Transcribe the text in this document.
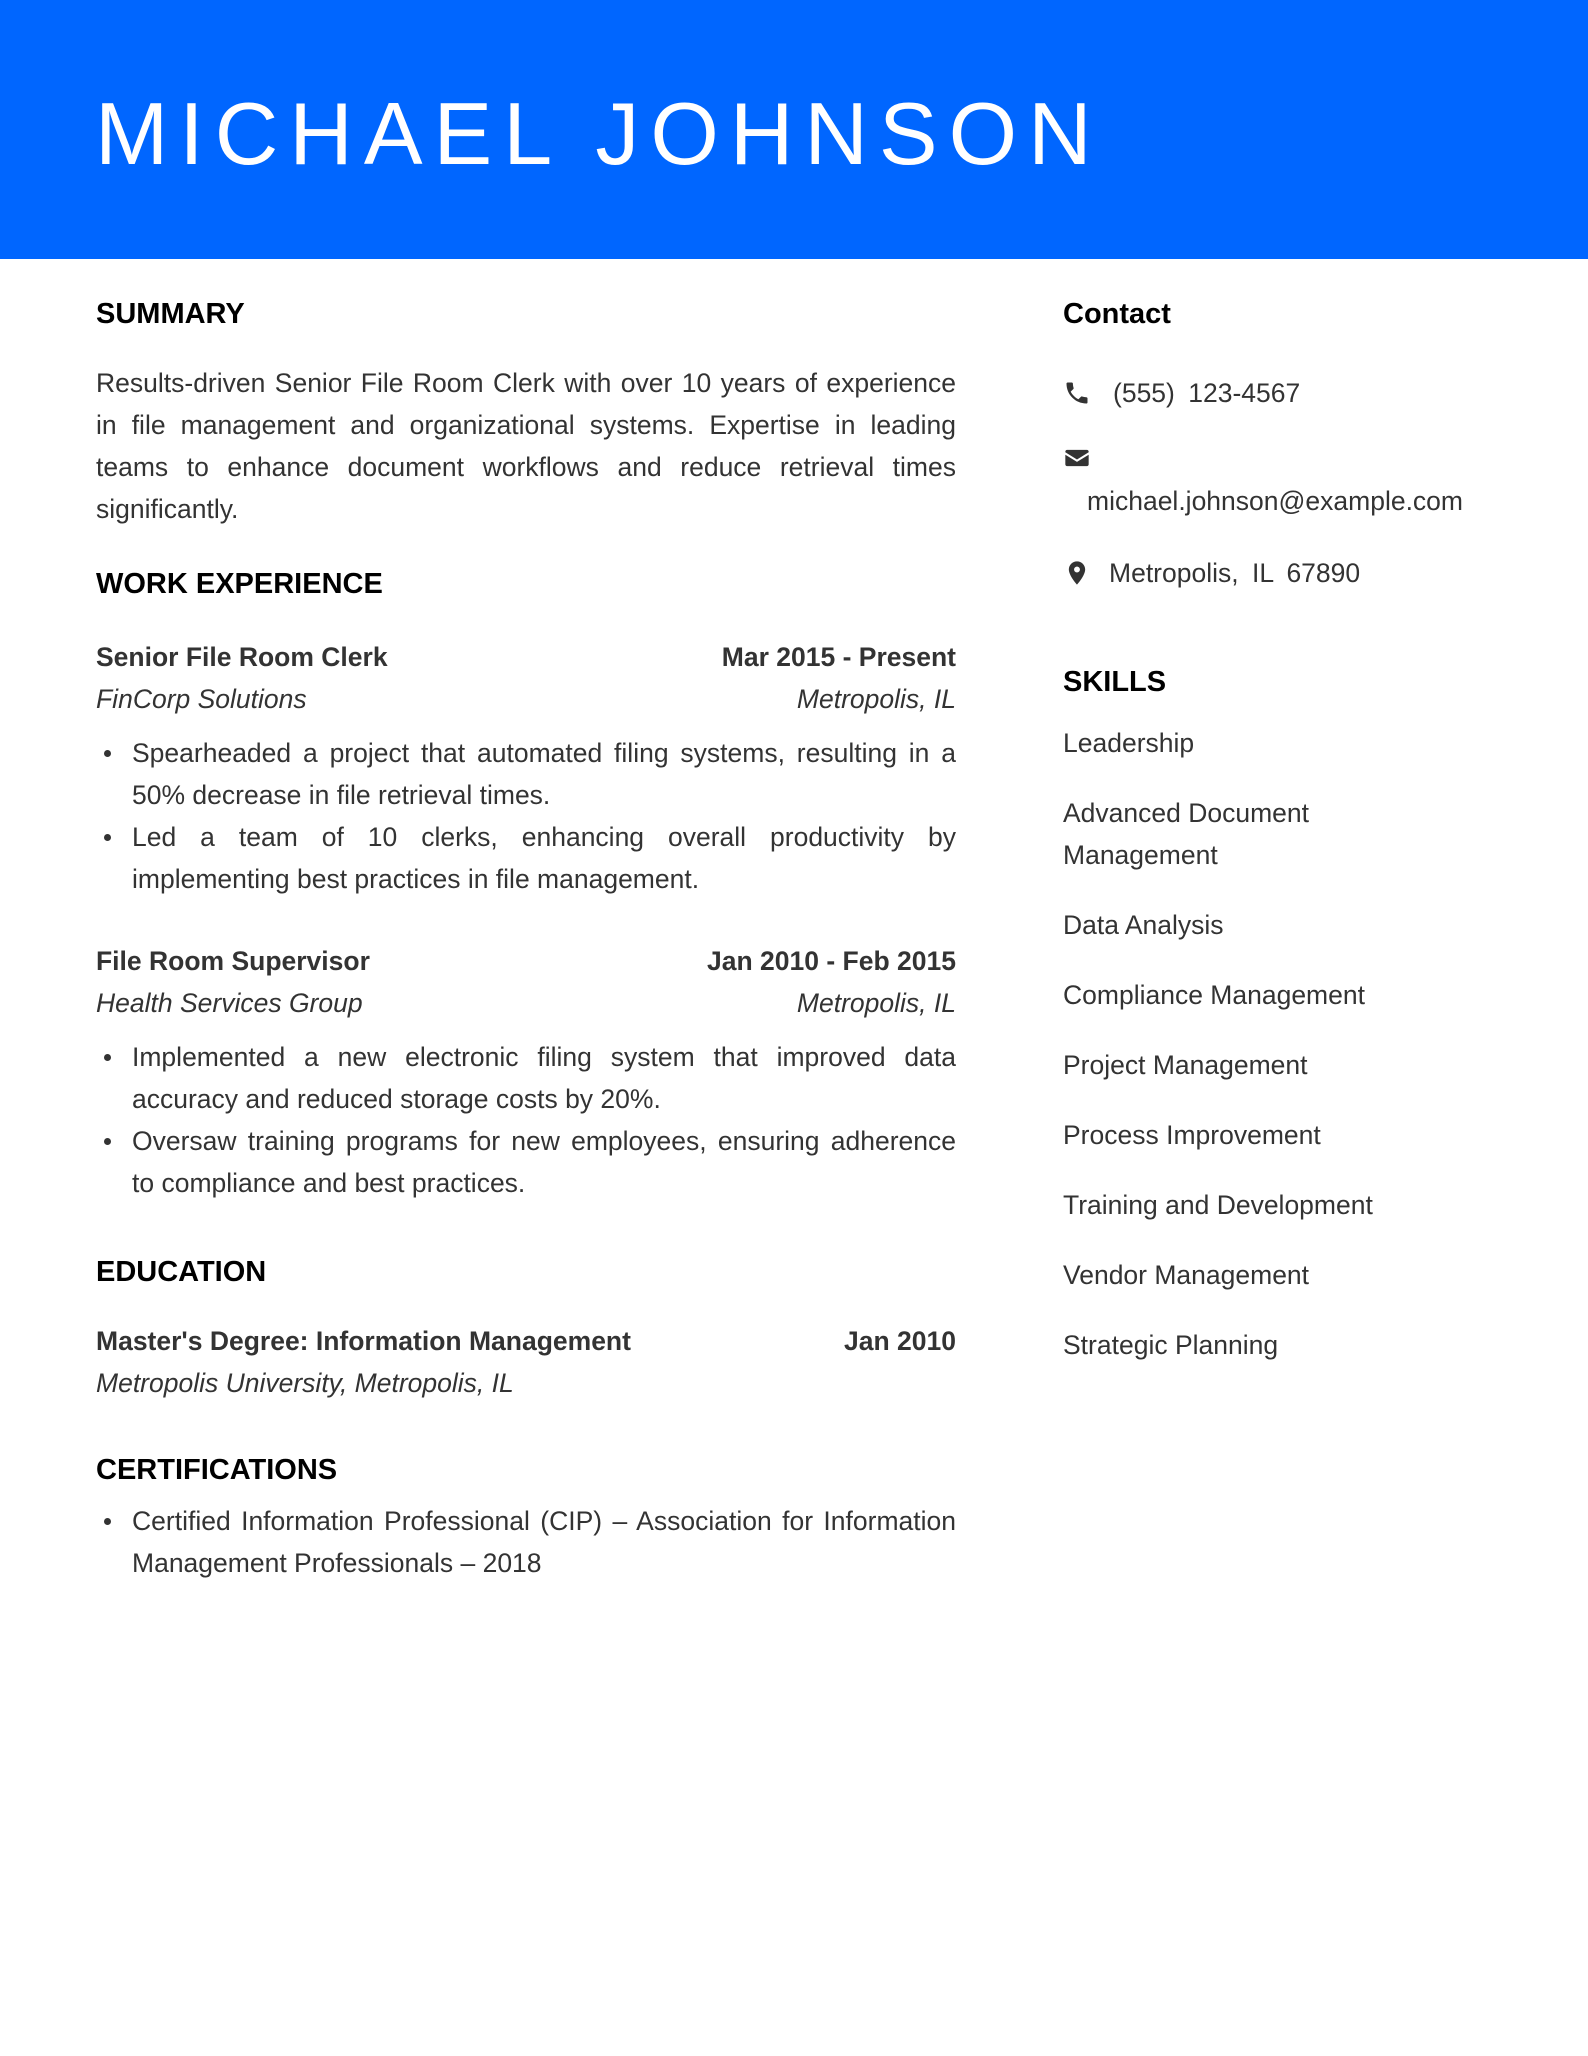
MICHAEL JOHNSON
SUMMARY

Results-driven Senior File Room Clerk with over 10 years of experience in file management and organizational systems. Expertise in leading teams to enhance document workflows and reduce retrieval times significantly.

WORK EXPERIENCE
Senior File Room Clerk	Mar 2015 - Present
FinCorp Solutions	Metropolis, IL
Spearheaded a project that automated filing systems, resulting in a 50% decrease in file retrieval times.
Led a team of 10 clerks, enhancing overall productivity by implementing best practices in file management.
File Room Supervisor	Jan 2010 - Feb 2015
Health Services Group	Metropolis, IL
Implemented a new electronic filing system that improved data accuracy and reduced storage costs by 20%.
Oversaw training programs for new employees, ensuring adherence to compliance and best practices.
EDUCATION
Master's Degree: Information Management	Jan 2010
Metropolis University, Metropolis, IL
CERTIFICATIONS
Certified Information Professional (CIP) – Association for Information Management Professionals – 2018
Contact
(555) 123-4567
michael.johnson@example.com
Metropolis, IL 67890
SKILLS
Leadership
Advanced Document Management
Data Analysis
Compliance Management
Project Management
Process Improvement
Training and Development
Vendor Management
Strategic Planning
